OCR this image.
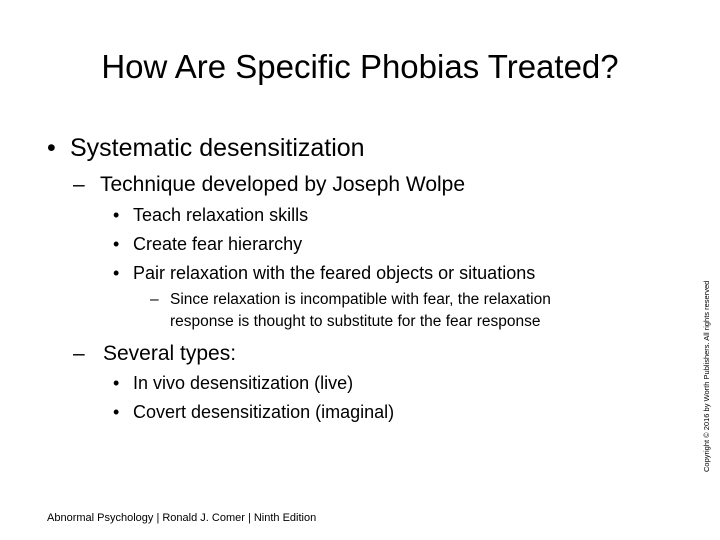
How Are Specific Phobias Treated?
• Systematic desensitization
– Technique developed by Joseph Wolpe
• Teach relaxation skills
• Create fear hierarchy
• Pair relaxation with the feared objects or situations
– Since relaxation is incompatible with fear, the relaxation
response is thought to substitute for the fear response
– Several types:
• In vivo desensitization (live)
• Covert desensitization (imaginal)
Abnormal Psychology | Ronald J. Comer | Ninth Edition
Copyright © 2016 by Worth Publishers. All rights reserved
